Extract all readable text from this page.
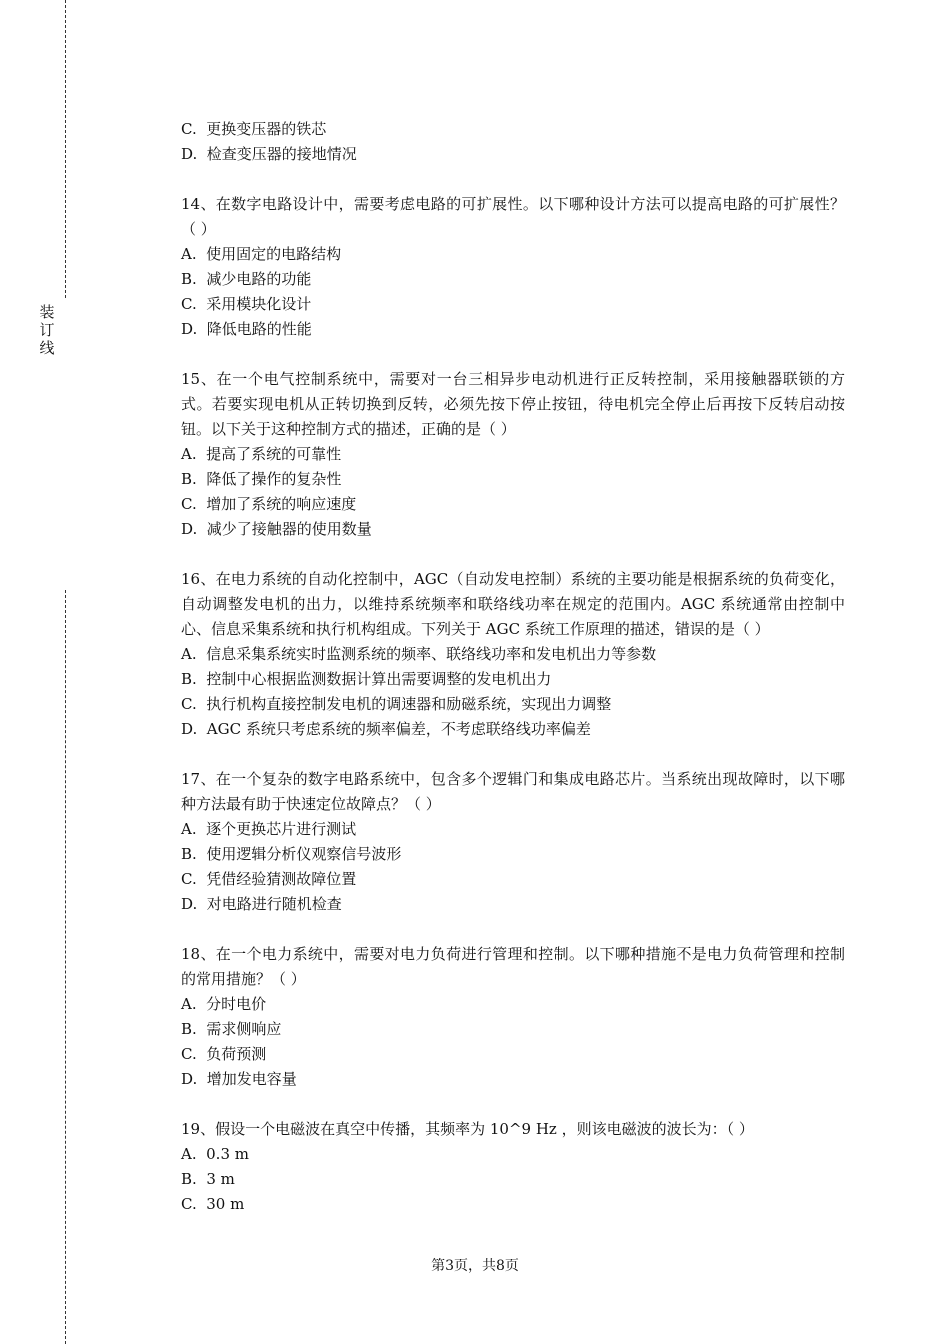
装
订
线

C.  更换变压器的铁芯

D.  检查变压器的接地情况

14、在数字电路设计中，需要考虑电路的可扩展性。以下哪种设计方法可以提高电路的可扩展性？（ ）

A.  使用固定的电路结构

B.  减少电路的功能

C.  采用模块化设计

D.  降低电路的性能

15、在一个电气控制系统中，需要对一台三相异步电动机进行正反转控制，采用接触器联锁的方式。若要实现电机从正转切换到反转，必须先按下停止按钮，待电机完全停止后再按下反转启动按钮。以下关于这种控制方式的描述，正确的是（ ）

A.  提高了系统的可靠性

B.  降低了操作的复杂性

C.  增加了系统的响应速度

D.  减少了接触器的使用数量

16、在电力系统的自动化控制中，AGC（自动发电控制）系统的主要功能是根据系统的负荷变化，自动调整发电机的出力，以维持系统频率和联络线功率在规定的范围内。AGC 系统通常由控制中心、信息采集系统和执行机构组成。下列关于 AGC 系统工作原理的描述，错误的是（ ）

A.  信息采集系统实时监测系统的频率、联络线功率和发电机出力等参数

B.  控制中心根据监测数据计算出需要调整的发电机出力

C.  执行机构直接控制发电机的调速器和励磁系统，实现出力调整

D.  AGC 系统只考虑系统的频率偏差，不考虑联络线功率偏差

17、在一个复杂的数字电路系统中，包含多个逻辑门和集成电路芯片。当系统出现故障时，以下哪种方法最有助于快速定位故障点？（ ）

A.  逐个更换芯片进行测试

B.  使用逻辑分析仪观察信号波形

C.  凭借经验猜测故障位置

D.  对电路进行随机检查

18、在一个电力系统中，需要对电力负荷进行管理和控制。以下哪种措施不是电力负荷管理和控制的常用措施？（ ）

A.  分时电价

B.  需求侧响应

C.  负荷预测

D.  增加发电容量

19、假设一个电磁波在真空中传播，其频率为 10^9 Hz ，则该电磁波的波长为：（ ）

A.  0.3 m

B.  3 m

C.  30 m

第3页，共8页
